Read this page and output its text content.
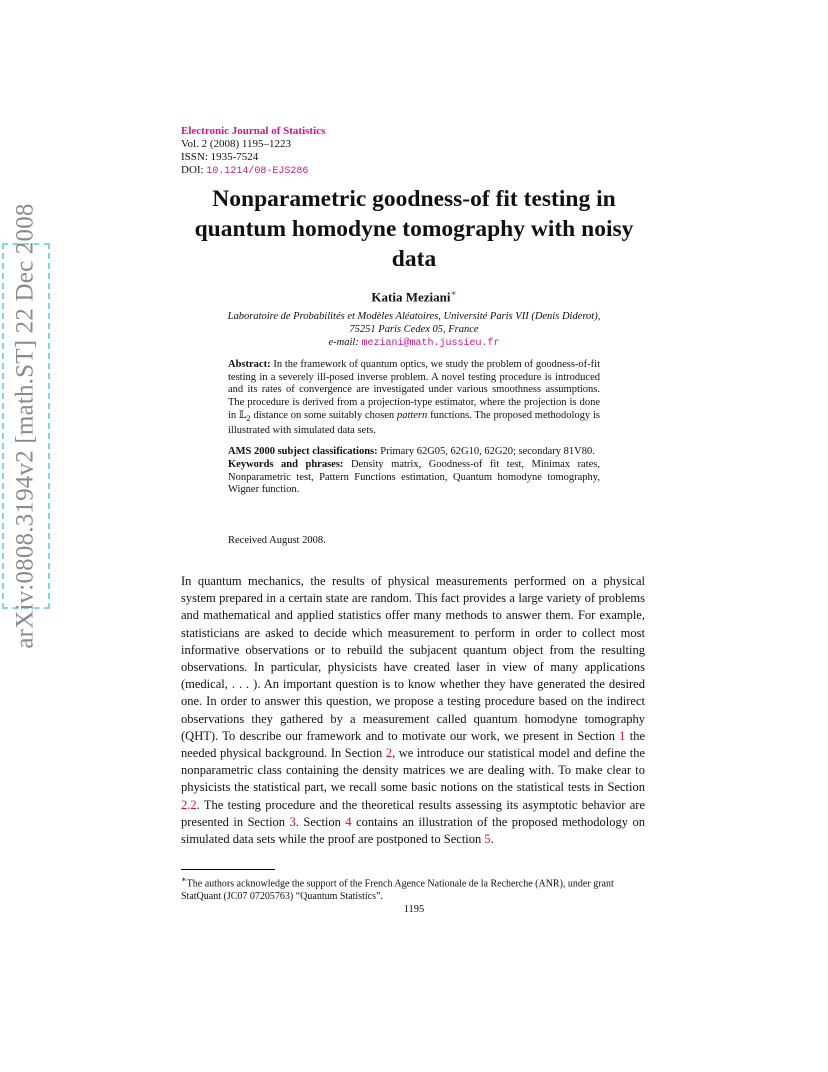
arXiv:0808.3194v2 [math.ST] 22 Dec 2008
Electronic Journal of Statistics
Vol. 2 (2008) 1195–1223
ISSN: 1935-7524
DOI: 10.1214/08-EJS286
Nonparametric goodness-of fit testing in quantum homodyne tomography with noisy data
Katia Meziani∗
Laboratoire de Probabilités et Modèles Aléatoires, Université Paris VII (Denis Diderot),
75251 Paris Cedex 05, France
e-mail: meziani@math.jussieu.fr

Abstract: In the framework of quantum optics, we study the problem of goodness-of-fit testing in a severely ill-posed inverse problem. A novel testing procedure is introduced and its rates of convergence are investigated under various smoothness assumptions. The procedure is derived from a projection-type estimator, where the projection is done in 𝕃$_2$ distance on some suitably chosen pattern functions. The proposed methodology is illustrated with simulated data sets.

AMS 2000 subject classifications: Primary 62G05, 62G10, 62G20; secondary 81V80.

Keywords and phrases: Density matrix, Goodness-of fit test, Minimax rates, Nonparametric test, Pattern Functions estimation, Quantum homodyne tomography, Wigner function.

Received August 2008.

In quantum mechanics, the results of physical measurements performed on a physical system prepared in a certain state are random. This fact provides a large variety of problems and mathematical and applied statistics offer many methods to answer them. For example, statisticians are asked to decide which measurement to perform in order to collect most informative observations or to rebuild the subjacent quantum object from the resulting observations. In particular, physicists have created laser in view of many applications (medical, . . . ). An important question is to know whether they have generated the desired one. In order to answer this question, we propose a testing procedure based on the indirect observations they gathered by a measurement called quantum homodyne tomography (QHT). To describe our framework and to motivate our work, we present in Section 1 the needed physical background. In Section 2, we introduce our statistical model and define the nonparametric class containing the density matrices we are dealing with. To make clear to physicists the statistical part, we recall some basic notions on the statistical tests in Section 2.2. The testing procedure and the theoretical results assessing its asymptotic behavior are presented in Section 3. Section 4 contains an illustration of the proposed methodology on simulated data sets while the proof are postponed to Section 5.

∗The authors acknowledge the support of the French Agence Nationale de la Recherche (ANR), under grant StatQuant (JC07 07205763) “Quantum Statistics”.
1195
